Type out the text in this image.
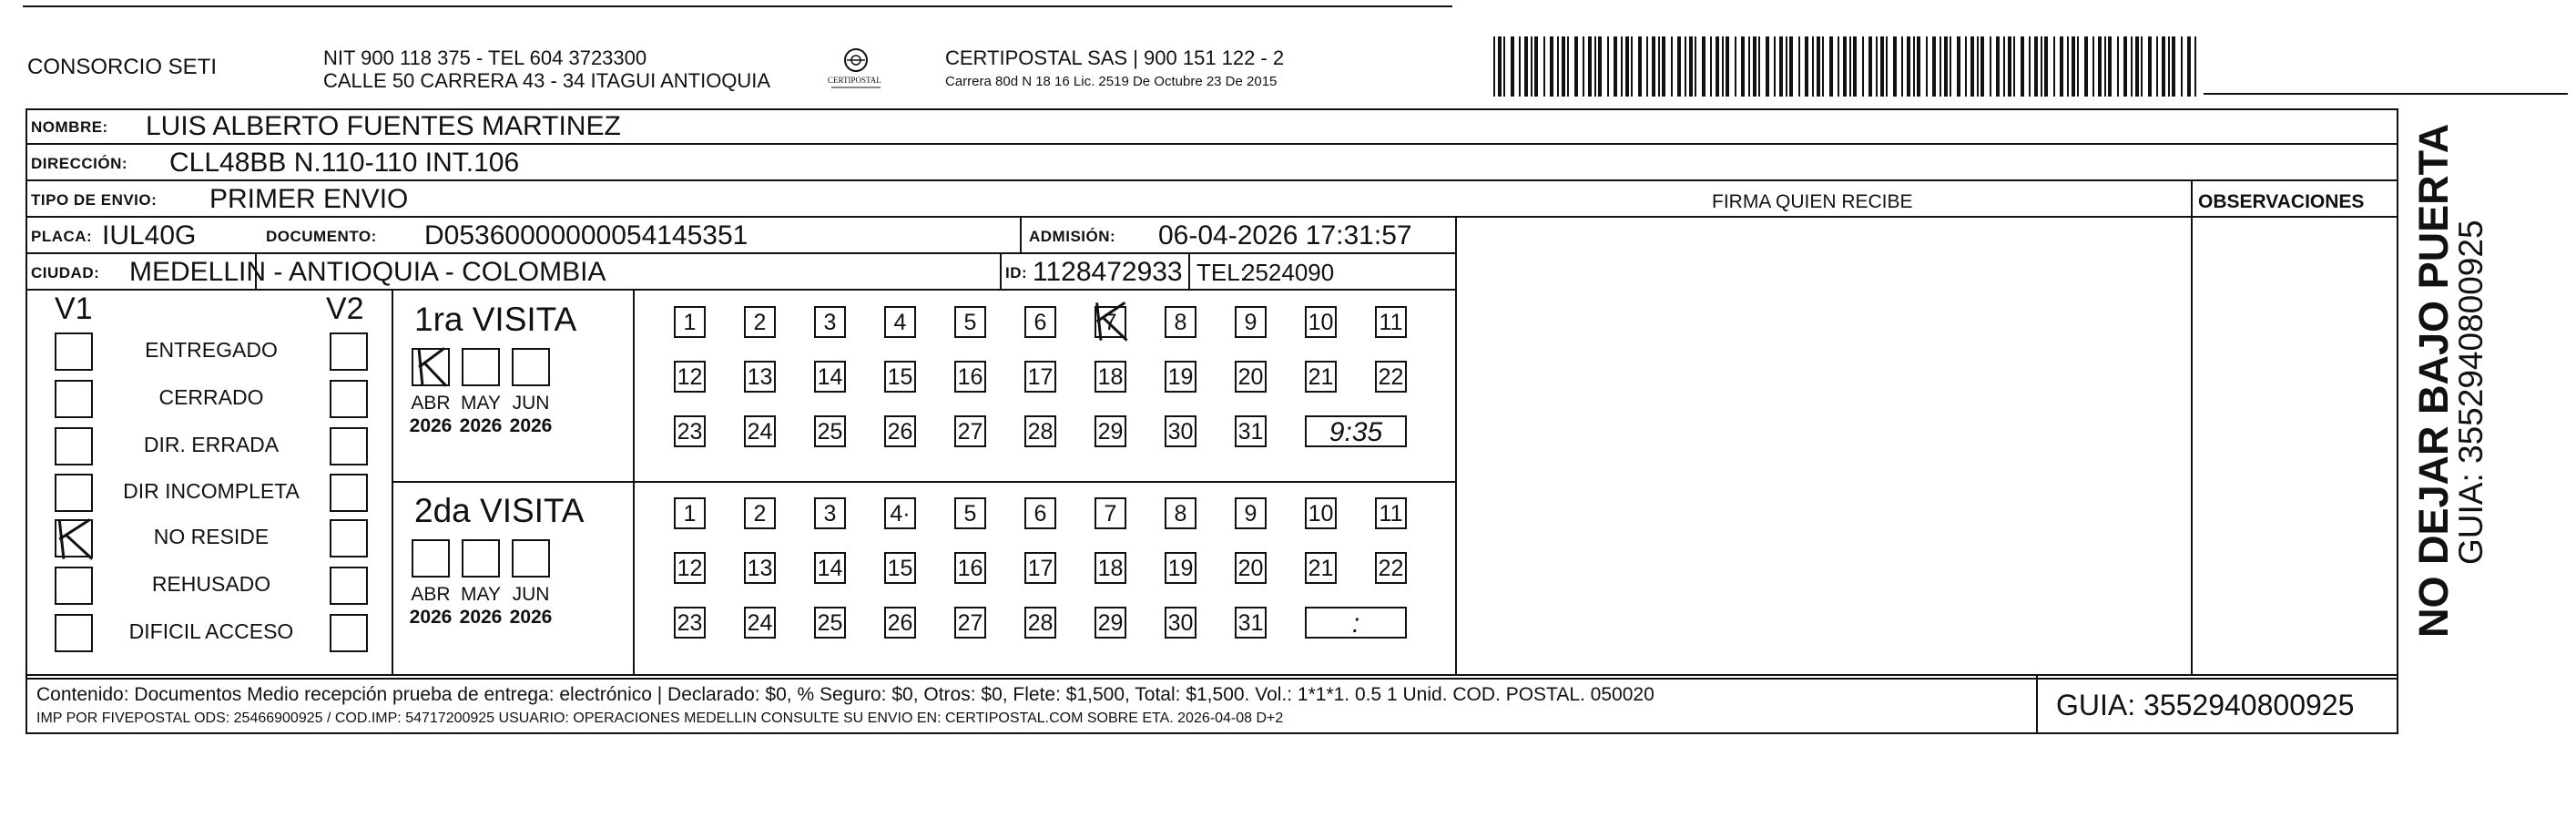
CONSORCIO SETI	NIT 900 118 375 - TEL 604 3723300
CALLE 50 CARRERA 43 - 34 ITAGUI ANTIOQUIA	CERTIPOSTAL
CERTIPOSTAL SAS | 900 151 122 - 2
Carrera 80d N 18 16 Lic. 2519 De Octubre 23 De 2015
NOMBRE: LUIS ALBERTO FUENTES MARTINEZ
DIRECCIÓN: CLL48BB N.110-110 INT.106
TIPO DE ENVIO: PRIMER ENVIO	FIRMA QUIEN RECIBE	OBSERVACIONES
PLACA: IUL40G	DOCUMENTO: D05360000000054145351	ADMISIÓN: 06-04-2026 17:31:57
CIUDAD: MEDELLIN - ANTIOQUIA - COLOMBIA	ID: 1128472933 TEL:
2524090
V1	V2
ENTREGADO
CERRADO
DIR. ERRADA
DIR INCOMPLETA
NO RESIDE
REHUSADO
DIFICIL ACCESO
1ra VISITA
ABR
2026
MAY
2026
JUN
2026
1	2	3	4	5	6	7	8	9	10 11
12 13 14 15 16 17 18 19 20 21 22
23 24 25 26 27 28 29 30 31	9:35
2da VISITA
ABR
2026
MAY
2026
JUN
2026
1	2	3	4·	5	6	7	8	9	10 11
12 13 14 15 16 17 18 19 20 21 22
23 24 25 26 27 28 29 30 31	:
Contenido: Documentos Medio recepción prueba de entrega: electrónico | Declarado: $0, % Seguro: $0, Otros: $0, Flete: $1,500, Total: $1,500. Vol.: 1*1*1. 0.5 1 Unid. COD. POSTAL. 050020
IMP POR FIVEPOSTAL ODS: 25466900925 / COD.IMP: 54717200925 USUARIO: OPERACIONES MEDELLIN CONSULTE SU ENVIO EN: CERTIPOSTAL.COM SOBRE ETA. 2026-04-08 D+2	GUIA: 3552940800925
NO DEJAR BAJO PUERTA
GUIA: 3552940800925
